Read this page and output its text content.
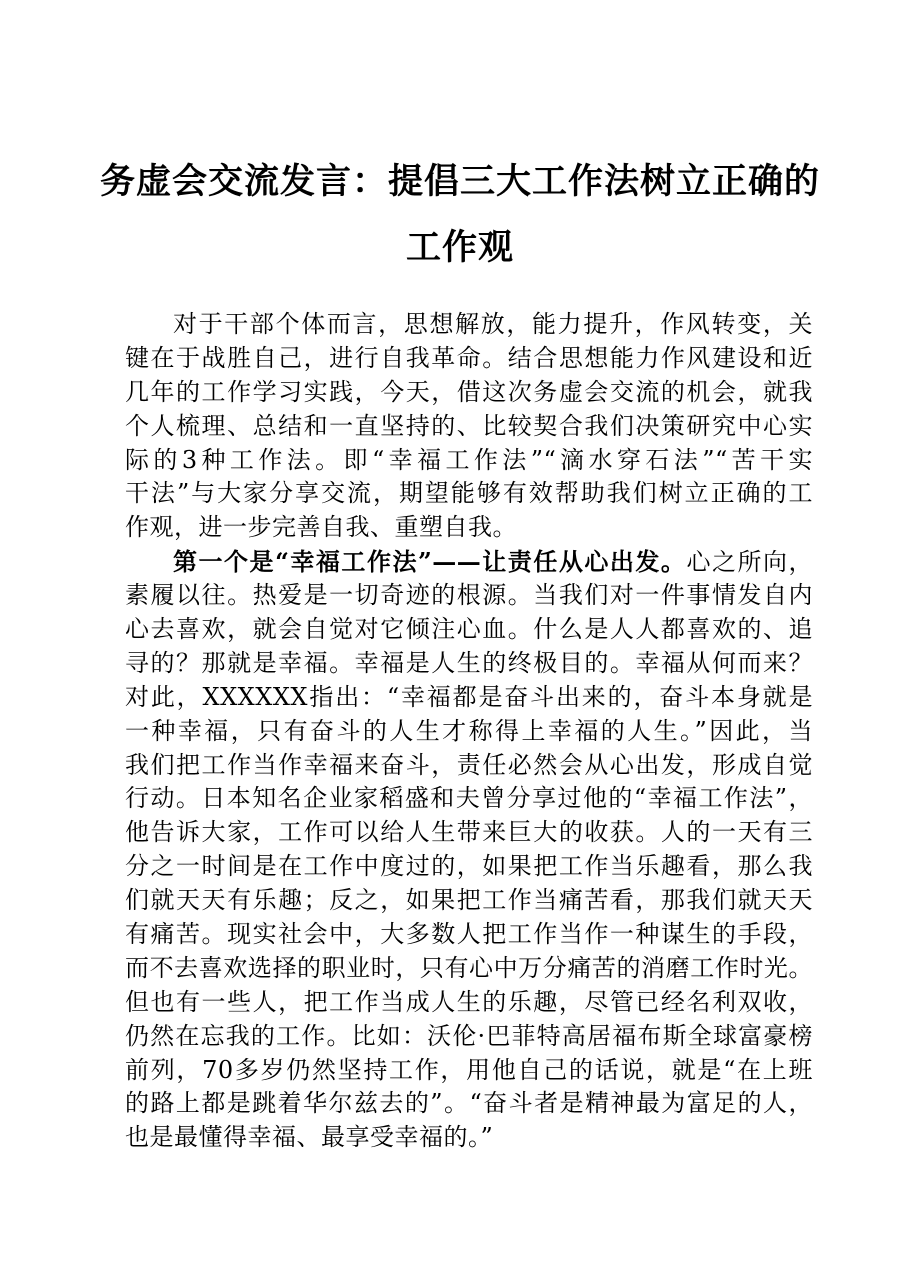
务虚会交流发言：提倡三大工作法树立正确的
工作观
对于干部个体而言，思想解放，能力提升，作风转变，关
键在于战胜自己，进行自我革命。结合思想能力作风建设和近
几年的工作学习实践，今天，借这次务虚会交流的机会，就我
个人梳理、总结和一直坚持的、比较契合我们决策研究中心实
际的3种工作法。即“幸福工作法”“滴水穿石法”“苦干实
干法”与大家分享交流，期望能够有效帮助我们树立正确的工
作观，进一步完善自我、重塑自我。
第一个是“幸福工作法”——让责任从心出发。心之所向，
素履以往。热爱是一切奇迹的根源。当我们对一件事情发自内
心去喜欢，就会自觉对它倾注心血。什么是人人都喜欢的、追
寻的？那就是幸福。幸福是人生的终极目的。幸福从何而来？
对此，XXXXXX指出：“幸福都是奋斗出来的，奋斗本身就是
一种幸福，只有奋斗的人生才称得上幸福的人生。”因此，当
我们把工作当作幸福来奋斗，责任必然会从心出发，形成自觉
行动。日本知名企业家稻盛和夫曾分享过他的“幸福工作法”，
他告诉大家，工作可以给人生带来巨大的收获。人的一天有三
分之一时间是在工作中度过的，如果把工作当乐趣看，那么我
们就天天有乐趣；反之，如果把工作当痛苦看，那我们就天天
有痛苦。现实社会中，大多数人把工作当作一种谋生的手段，
而不去喜欢选择的职业时，只有心中万分痛苦的消磨工作时光。
但也有一些人，把工作当成人生的乐趣，尽管已经名利双收，
仍然在忘我的工作。比如：沃伦·巴菲特高居福布斯全球富豪榜
前列，70多岁仍然坚持工作，用他自己的话说，就是“在上班
的路上都是跳着华尔兹去的”。“奋斗者是精神最为富足的人，
也是最懂得幸福、最享受幸福的。”
